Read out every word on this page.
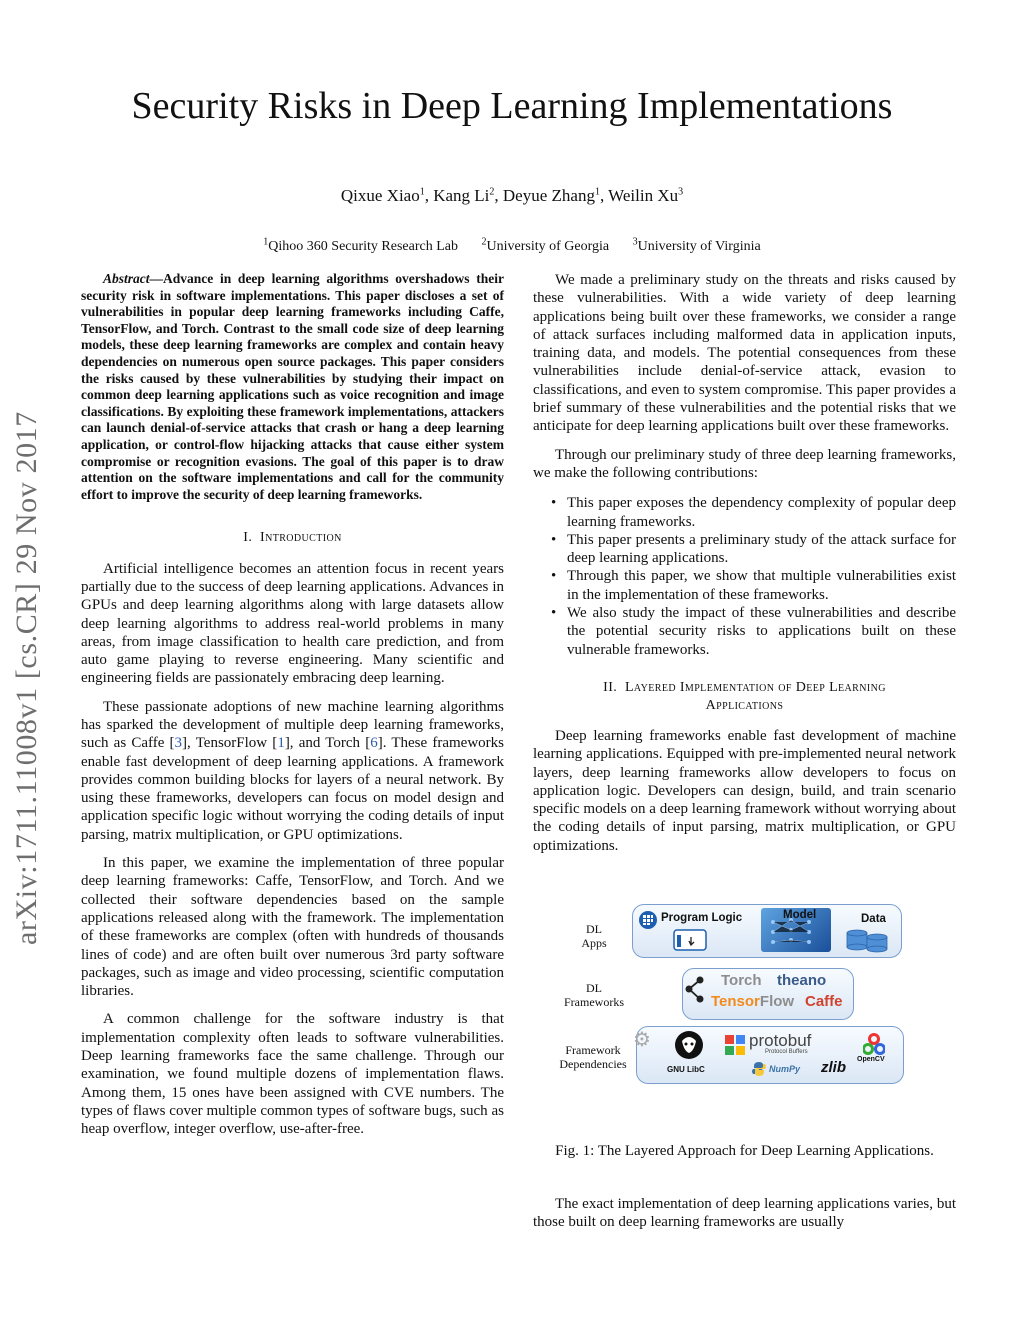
Security Risks in Deep Learning Implementations
Qixue Xiao$^1$, Kang Li$^2$, Deyue Zhang$^1$, Weilin Xu$^3$
$^1$Qihoo 360 Security Research Lab $^2$University of Georgia $^3$University of Virginia
arXiv:1711.11008v1 [cs.CR] 29 Nov 2017

Abstract—Advance in deep learning algorithms overshadows their security risk in software implementations. This paper discloses a set of vulnerabilities in popular deep learning frameworks including Caffe, TensorFlow, and Torch. Contrast to the small code size of deep learning models, these deep learning frameworks are complex and contain heavy dependencies on numerous open source packages. This paper considers the risks caused by these vulnerabilities by studying their impact on common deep learning applications such as voice recognition and image classifications. By exploiting these framework implementations, attackers can launch denial-of-service attacks that crash or hang a deep learning application, or control-flow hijacking attacks that cause either system compromise or recognition evasions. The goal of this paper is to draw attention on the software implementations and call for the community effort to improve the security of deep learning frameworks.

I. Introduction

Artificial intelligence becomes an attention focus in recent years partially due to the success of deep learning applications. Advances in GPUs and deep learning algorithms along with large datasets allow deep learning algorithms to address real-world problems in many areas, from image classification to health care prediction, and from auto game playing to reverse engineering. Many scientific and engineering fields are passionately embracing deep learning.

These passionate adoptions of new machine learning algorithms has sparked the development of multiple deep learning frameworks, such as Caffe [3], TensorFlow [1], and Torch [6]. These frameworks enable fast development of deep learning applications. A framework provides common building blocks for layers of a neural network. By using these frameworks, developers can focus on model design and application specific logic without worrying the coding details of input parsing, matrix multiplication, or GPU optimizations.

In this paper, we examine the implementation of three popular deep learning frameworks: Caffe, TensorFlow, and Torch. And we collected their software dependencies based on the sample applications released along with the framework. The implementation of these frameworks are complex (often with hundreds of thousands lines of code) and are often built over numerous 3rd party software packages, such as image and video processing, scientific computation libraries.

A common challenge for the software industry is that implementation complexity often leads to software vulnerabilities. Deep learning frameworks face the same challenge. Through our examination, we found multiple dozens of implementation flaws. Among them, 15 ones have been assigned with CVE numbers. The types of flaws cover multiple common types of software bugs, such as heap overflow, integer overflow, use-after-free.

We made a preliminary study on the threats and risks caused by these vulnerabilities. With a wide variety of deep learning applications being built over these frameworks, we consider a range of attack surfaces including malformed data in application inputs, training data, and models. The potential consequences from these vulnerabilities include denial-of-service attack, evasion to classifications, and even to system compromise. This paper provides a brief summary of these vulnerabilities and the potential risks that we anticipate for deep learning applications built over these frameworks.

Through our preliminary study of three deep learning frameworks, we make the following contributions:

• This paper exposes the dependency complexity of popular deep learning frameworks.
• This paper presents a preliminary study of the attack surface for deep learning applications.
• Through this paper, we show that multiple vulnerabilities exist in the implementation of these frameworks.
• We also study the impact of these vulnerabilities and describe the potential security risks to applications built on these vulnerable frameworks.
II. Layered Implementation of Deep Learning
Applications

Deep learning frameworks enable fast development of machine learning applications. Equipped with pre-implemented neural network layers, deep learning frameworks allow developers to focus on application logic. Developers can design, build, and train scenario specific models on a deep learning framework without worrying about the coding details of input parsing, matrix multiplication, or GPU optimizations.

DL
Apps
DL
Frameworks
Framework
Dependencies
Program Logic	Model	Data
Torch theano
TensorFlow Caffe
⚙
GNU LibC
protobuf
Protocol Buffers
NumPy zlib OpenCV
Fig. 1: The Layered Approach for Deep Learning Applications.

The exact implementation of deep learning applications varies, but those built on deep learning frameworks are usually
